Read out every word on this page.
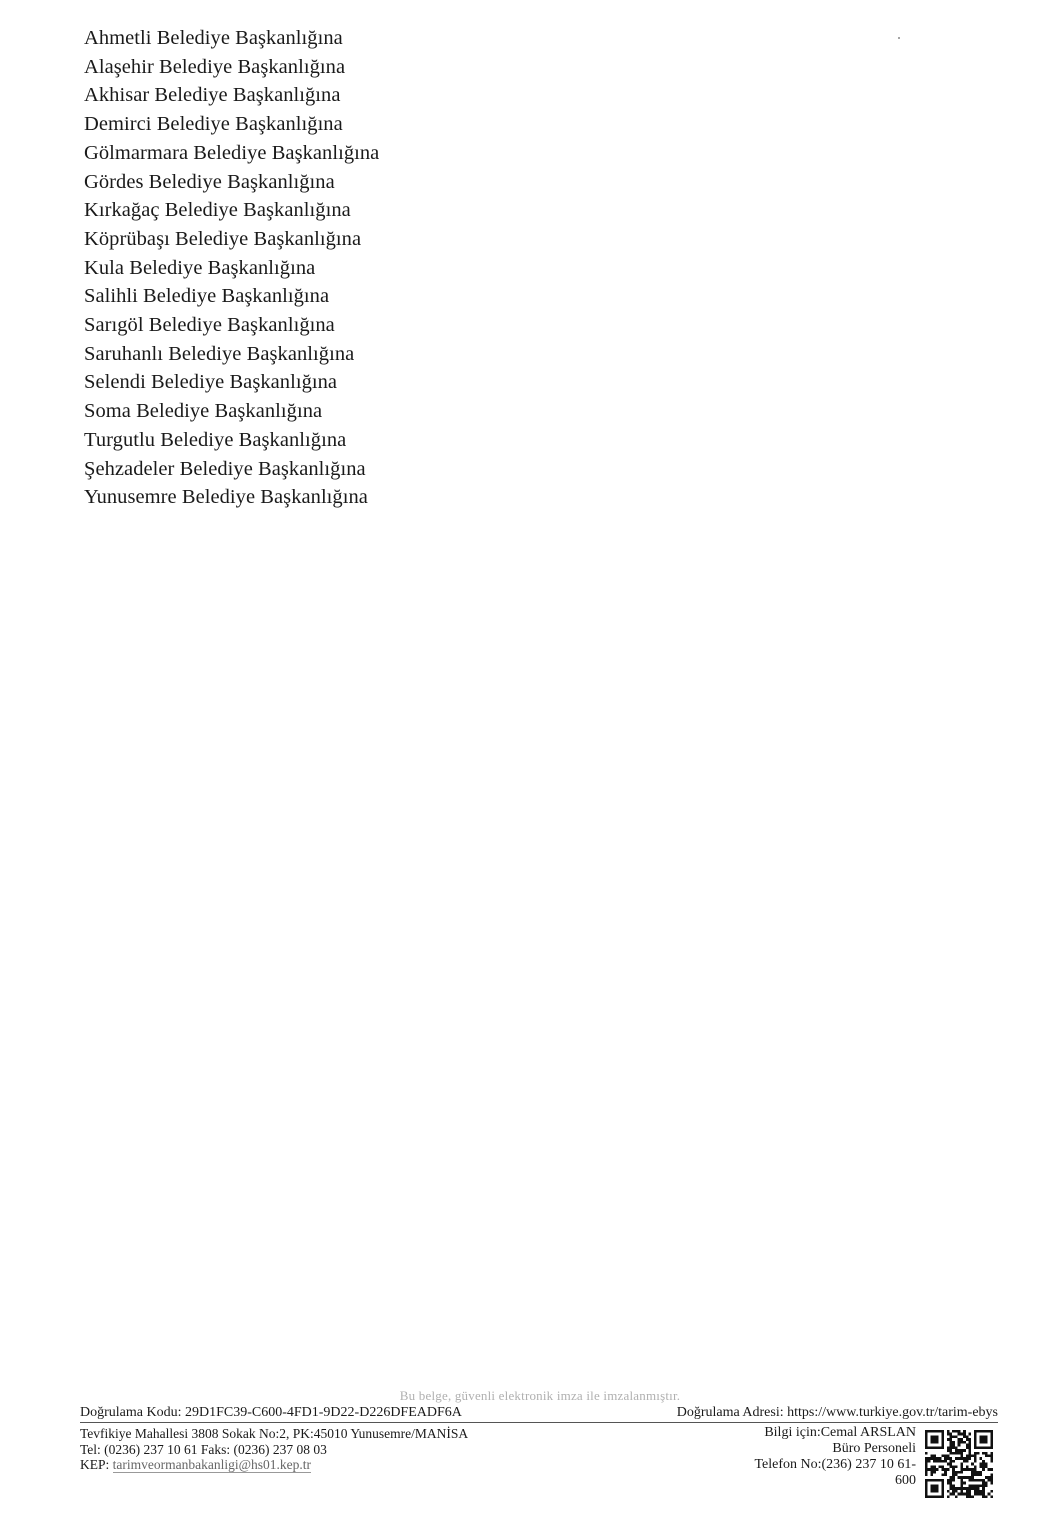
Ahmetli Belediye Başkanlığına
Alaşehir Belediye Başkanlığına
Akhisar Belediye Başkanlığına
Demirci Belediye Başkanlığına
Gölmarmara Belediye Başkanlığına
Gördes Belediye Başkanlığına
Kırkağaç Belediye Başkanlığına
Köprübaşı Belediye Başkanlığına
Kula Belediye Başkanlığına
Salihli Belediye Başkanlığına
Sarıgöl Belediye Başkanlığına
Saruhanlı Belediye Başkanlığına
Selendi Belediye Başkanlığına
Soma Belediye Başkanlığına
Turgutlu Belediye Başkanlığına
Şehzadeler Belediye Başkanlığına
Yunusemre Belediye Başkanlığına
Bu belge, güvenli elektronik imza ile imzalanmıştır.
Doğrulama Kodu: 29D1FC39-C600-4FD1-9D22-D226DFEADF6A	Doğrulama Adresi: https://www.turkiye.gov.tr/tarim-ebys
Tevfikiye Mahallesi 3808 Sokak No:2, PK:45010 Yunusemre/MANİSA
Tel: (0236) 237 10 61 Faks: (0236) 237 08 03
KEP: tarimveormanbakanligi@hs01.kep.tr
Bilgi için:Cemal ARSLAN
Büro Personeli
Telefon No:(236) 237 10 61-
600
